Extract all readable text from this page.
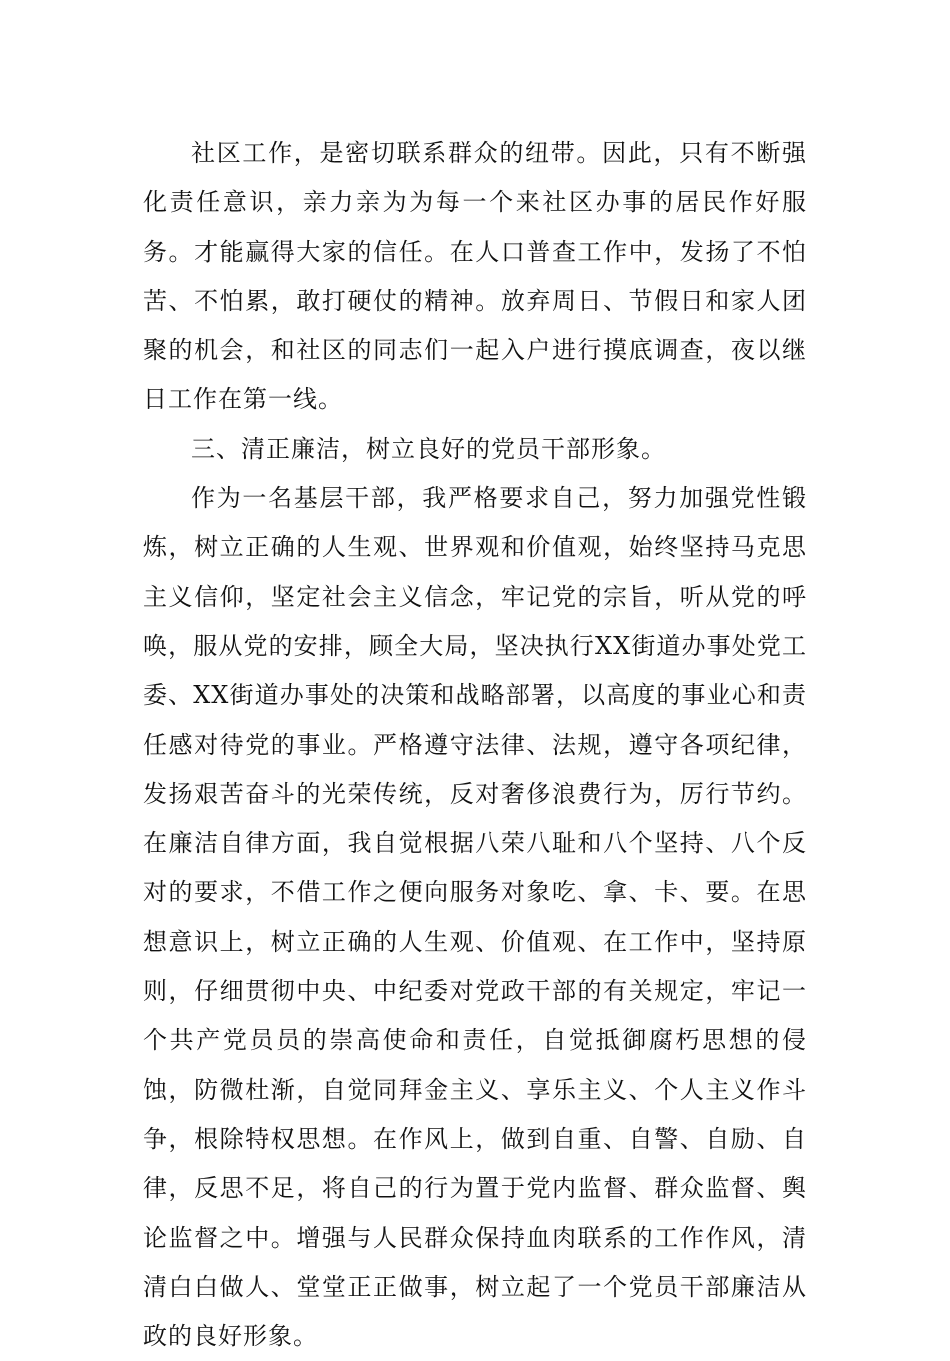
社区工作，是密切联系群众的纽带。因此，只有不断强化责任意识，亲力亲为为每一个来社区办事的居民作好服务。才能赢得大家的信任。在人口普查工作中，发扬了不怕苦、不怕累，敢打硬仗的精神。放弃周日、节假日和家人团聚的机会，和社区的同志们一起入户进行摸底调查，夜以继日工作在第一线。

三、清正廉洁，树立良好的党员干部形象。

作为一名基层干部，我严格要求自己，努力加强党性锻炼，树立正确的人生观、世界观和价值观，始终坚持马克思主义信仰，坚定社会主义信念，牢记党的宗旨，听从党的呼唤，服从党的安排，顾全大局，坚决执行XX街道办事处党工委、XX街道办事处的决策和战略部署，以高度的事业心和责任感对待党的事业。严格遵守法律、法规，遵守各项纪律，发扬艰苦奋斗的光荣传统，反对奢侈浪费行为，厉行节约。在廉洁自律方面，我自觉根据八荣八耻和八个坚持、八个反对的要求，不借工作之便向服务对象吃、拿、卡、要。在思想意识上，树立正确的人生观、价值观、在工作中，坚持原则，仔细贯彻中央、中纪委对党政干部的有关规定，牢记一个共产党员员的崇高使命和责任，自觉抵御腐朽思想的侵蚀，防微杜渐，自觉同拜金主义、享乐主义、个人主义作斗争，根除特权思想。在作风上，做到自重、自警、自励、自律，反思不足，将自己的行为置于党内监督、群众监督、舆论监督之中。增强与人民群众保持血肉联系的工作作风，清清白白做人、堂堂正正做事，树立起了一个党员干部廉洁从政的良好形象。
